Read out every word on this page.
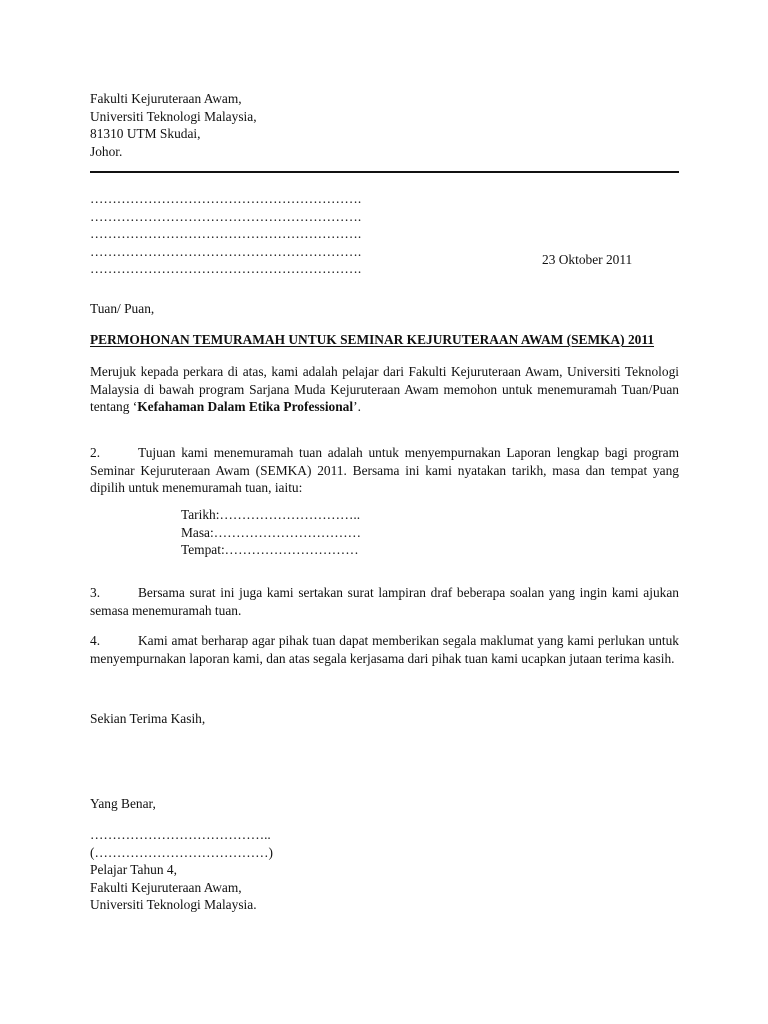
Fakulti Kejuruteraan Awam,
Universiti Teknologi Malaysia,
81310 UTM Skudai,
Johor.
…………………………………………………….
…………………………………………………….
…………………………………………………….
…………………………………………………….
…………………………………………………….
23 Oktober 2011
Tuan/ Puan,
PERMOHONAN TEMURAMAH UNTUK SEMINAR KEJURUTERAAN AWAM (SEMKA) 2011
Merujuk kepada perkara di atas, kami adalah pelajar dari Fakulti Kejuruteraan Awam, Universiti Teknologi Malaysia di bawah program Sarjana Muda Kejuruteraan Awam memohon untuk menemuramah Tuan/Puan tentang ‘Kefahaman Dalam Etika Professional’.
2.	Tujuan kami menemuramah tuan adalah untuk menyempurnakan Laporan lengkap bagi program Seminar Kejuruteraan Awam (SEMKA) 2011. Bersama ini kami nyatakan tarikh, masa dan tempat yang dipilih untuk menemuramah tuan, iaitu:
Tarikh:…………………………..
Masa:……………………………
Tempat:…………………………
3.	Bersama surat ini juga kami sertakan surat lampiran draf beberapa soalan yang ingin kami ajukan semasa menemuramah tuan.
4.	Kami amat berharap agar pihak tuan dapat memberikan segala maklumat yang kami perlukan untuk menyempurnakan laporan kami, dan atas segala kerjasama dari pihak tuan kami ucapkan jutaan terima kasih.
Sekian Terima Kasih,
Yang Benar,
…………………………………..
(…………………………………)
Pelajar Tahun 4,
Fakulti Kejuruteraan Awam,
Universiti Teknologi Malaysia.
